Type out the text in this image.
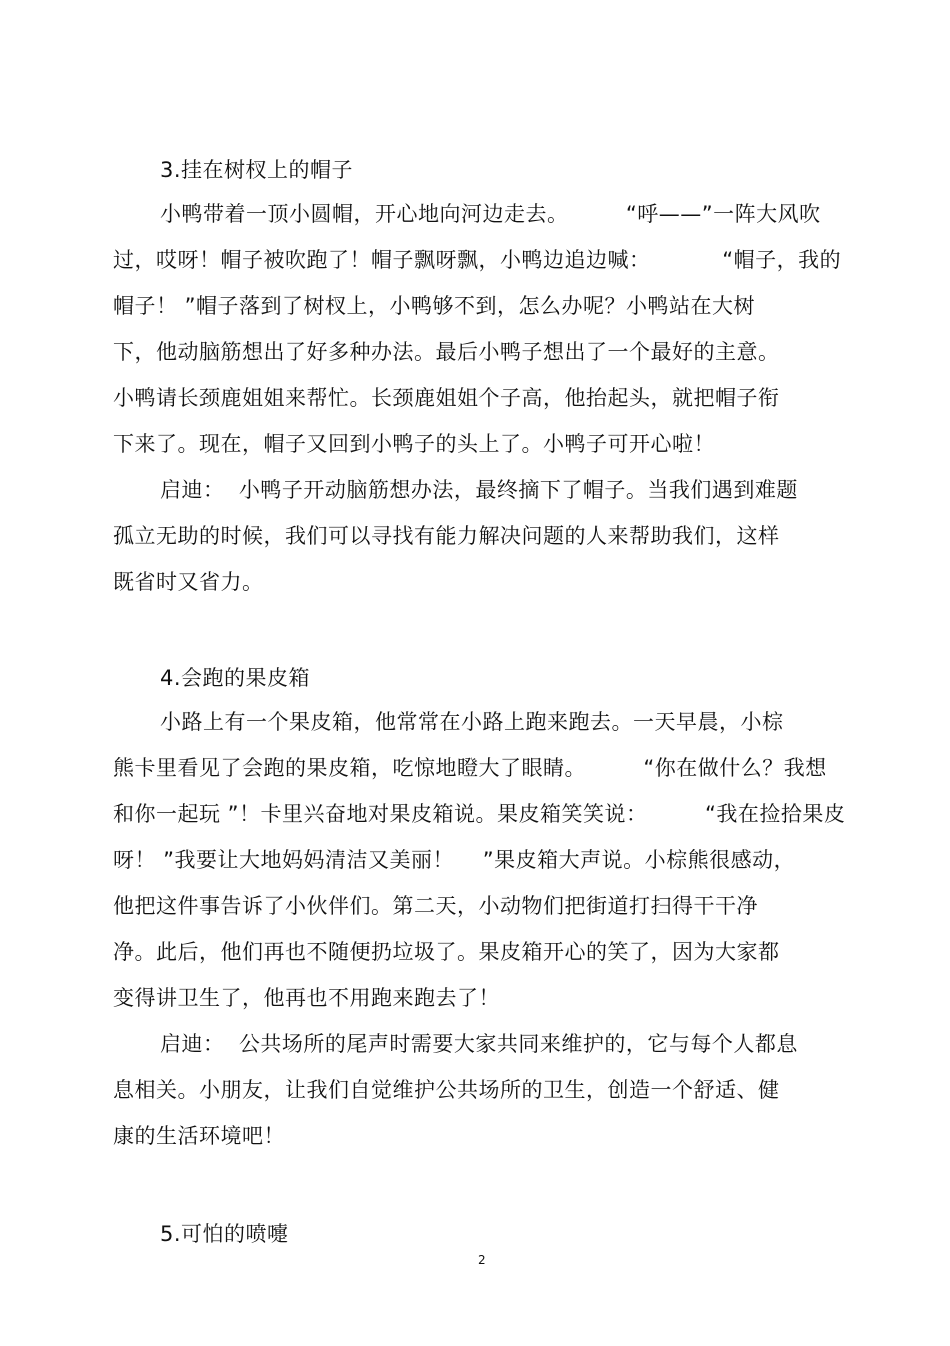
3.挂在树杈上的帽子
小鸭带着一顶小圆帽，开心地向河边走去。        “呼——”一阵大风吹
过，哎呀！帽子被吹跑了！帽子飘呀飘，小鸭边追边喊：          “帽子，我的
帽子！ ”帽子落到了树杈上，小鸭够不到，怎么办呢？小鸭站在大树
下，他动脑筋想出了好多种办法。最后小鸭子想出了一个最好的主意。
小鸭请长颈鹿姐姐来帮忙。长颈鹿姐姐个子高，他抬起头，就把帽子衔
下来了。现在，帽子又回到小鸭子的头上了。小鸭子可开心啦！
启迪：  小鸭子开动脑筋想办法，最终摘下了帽子。当我们遇到难题
孤立无助的时候，我们可以寻找有能力解决问题的人来帮助我们，这样
既省时又省力。
4.会跑的果皮箱
小路上有一个果皮箱，他常常在小路上跑来跑去。一天早晨，小棕
熊卡里看见了会跑的果皮箱，吃惊地瞪大了眼睛。        “你在做什么？我想
和你一起玩 ”！卡里兴奋地对果皮箱说。果皮箱笑笑说：        “我在捡拾果皮
呀！ ”我要让大地妈妈清洁又美丽！    ”果皮箱大声说。小棕熊很感动，
他把这件事告诉了小伙伴们。第二天，小动物们把街道打扫得干干净
净。此后，他们再也不随便扔垃圾了。果皮箱开心的笑了，因为大家都
变得讲卫生了，他再也不用跑来跑去了！
启迪：  公共场所的尾声时需要大家共同来维护的，它与每个人都息
息相关。小朋友，让我们自觉维护公共场所的卫生，创造一个舒适、健
康的生活环境吧！
5.可怕的喷嚏
2
